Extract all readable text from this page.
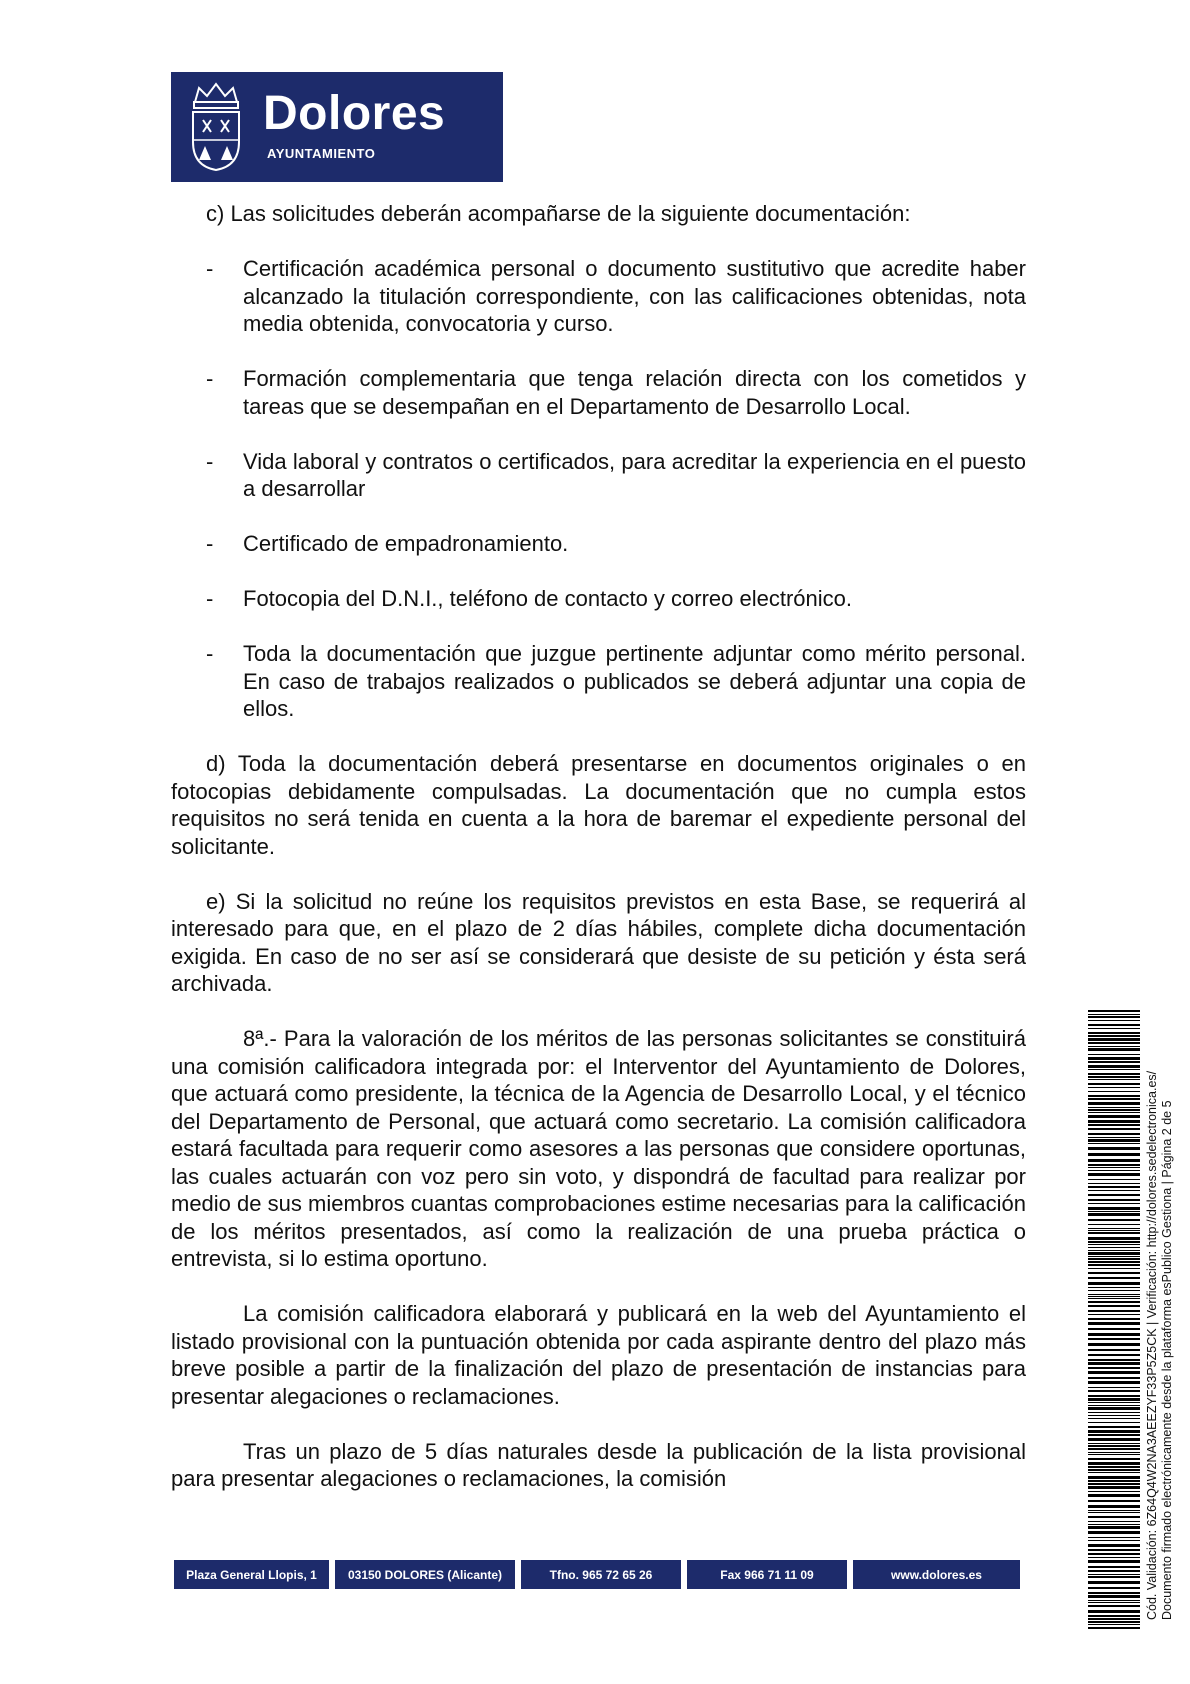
Dolores
AYUNTAMIENTO

c) Las solicitudes deberán acompañarse de la siguiente documentación:

- Certificación académica personal o documento sustitutivo que acredite haber alcanzado la titulación correspondiente, con las calificaciones obtenidas, nota media obtenida, convocatoria y curso.
- Formación complementaria que tenga relación directa con los cometidos y tareas que se desempañan en el Departamento de Desarrollo Local.
- Vida laboral y contratos o certificados, para acreditar la experiencia en el puesto a desarrollar
- Certificado de empadronamiento.
- Fotocopia del D.N.I., teléfono de contacto y correo electrónico.
- Toda la documentación que juzgue pertinente adjuntar como mérito personal. En caso de trabajos realizados o publicados se deberá adjuntar una copia de ellos.

d) Toda la documentación deberá presentarse en documentos originales o en fotocopias debidamente compulsadas. La documentación que no cumpla estos requisitos no será tenida en cuenta a la hora de baremar el expediente personal del solicitante.

e) Si la solicitud no reúne los requisitos previstos en esta Base, se requerirá al interesado para que, en el plazo de 2 días hábiles, complete dicha documentación exigida. En caso de no ser así se considerará que desiste de su petición y ésta será archivada.

8ª.- Para la valoración de los méritos de las personas solicitantes se constituirá una comisión calificadora integrada por: el Interventor del Ayuntamiento de Dolores, que actuará como presidente, la técnica de la Agencia de Desarrollo Local, y el técnico del Departamento de Personal, que actuará como secretario. La comisión calificadora estará facultada para requerir como asesores a las personas que considere oportunas, las cuales actuarán con voz pero sin voto, y dispondrá de facultad para realizar por medio de sus miembros cuantas comprobaciones estime necesarias para la calificación de los méritos presentados, así como la realización de una prueba práctica o entrevista, si lo estima oportuno.

La comisión calificadora elaborará y publicará en la web del Ayuntamiento el listado provisional con la puntuación obtenida por cada aspirante dentro del plazo más breve posible a partir de la finalización del plazo de presentación de instancias para presentar alegaciones o reclamaciones.

Tras un plazo de 5 días naturales desde la publicación de la lista provisional para presentar alegaciones o reclamaciones, la comisión

Plaza General Llopis, 1	03150 DOLORES (Alicante)	Tfno. 965 72 65 26	Fax 966 71 11 09	www.dolores.es	Cód. Validación: 6Z64Q4W2NA3AEEZYF33P5Z5CK | Verificación: http://dolores.sedelectronica.es/ Documento firmado electrónicamente desde la plataforma esPublico Gestiona | Página 2 de 5
